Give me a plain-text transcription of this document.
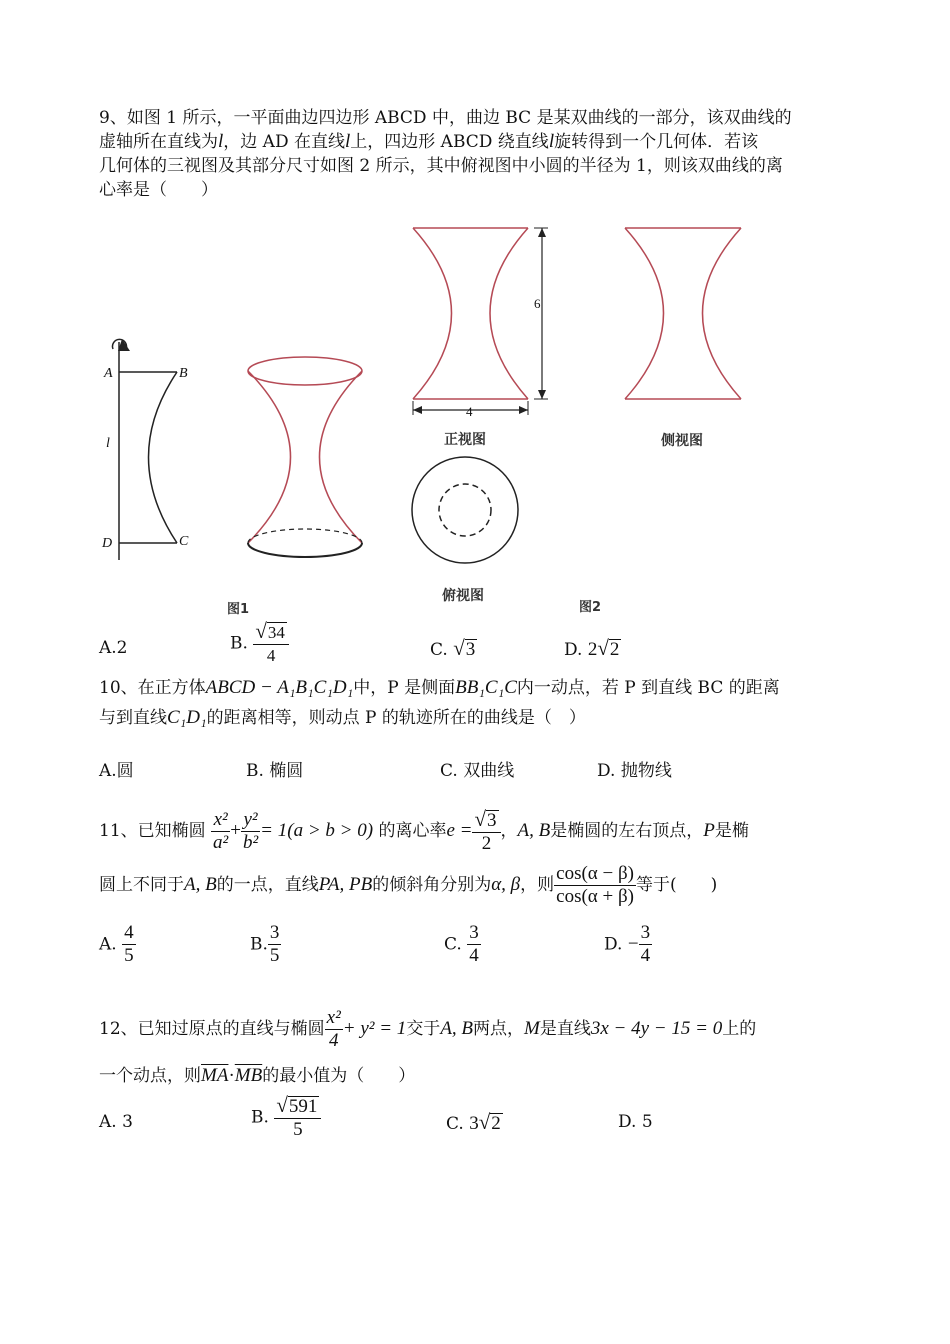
9、如图 1 所示，一平面曲边四边形 ABCD 中，曲边 BC 是某双曲线的一部分，该双曲线的
虚轴所在直线为l，边 AD 在直线l上，四边形 ABCD 绕直线l旋转得到一个几何体．若该
几何体的三视图及其部分尺寸如图 2 所示，其中俯视图中小圆的半径为 1，则该双曲线的离
心率是（　　）
A	B
l
D	C
6
4
正视图	侧视图
俯视图
图1	图2
A.2	B. $\frac{√34}{4}$	C. √3	D. 2√2
10、在正方体ABCD − A₁B₁C₁D₁中，P 是侧面BB₁C₁C内一动点，若 P 到直线 BC 的距离
与到直线C₁D₁的距离相等，则动点 P 的轨迹所在的曲线是（　）
A.圆	B. 椭圆	C. 双曲线	D. 抛物线
11、已知椭圆 $\frac{\text{x²}}{\text{a²}} + \frac{\text{y²}}{\text{b²}} = 1(a > b > 0)$ 的离心率$e = \frac{√3}{2}$ ，A, B是椭圆的左右顶点，P是椭
圆上不同于A, B的一点，直线PA, PB的倾斜角分别为α, β，则 $\frac{\cos(\alpha - \beta)}{\cos(\alpha + \beta)}$ 等于(　　)
A. $\frac{4}{5}$	B. $\frac{3}{5}$	C. $\frac{3}{4}$	D. − $\frac{3}{4}$
12、已知过原点的直线与椭圆 $\frac{\text{x²}}{4} + y^2 = 1$交于A, B两点，M是直线3x − 4y − 15 = 0上的
一个动点，则$\overline{MA}\cdot\overline{MB}$的最小值为（　　）
A. 3	B. $\frac{√591}{5}$	C. 3√2	D. 5
